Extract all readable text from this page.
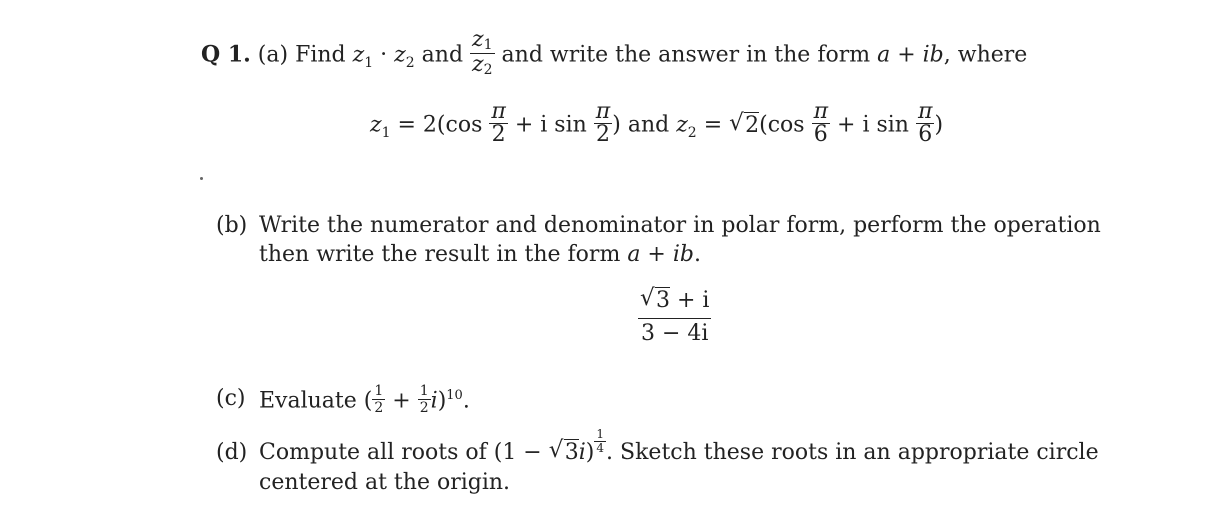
Q 1. (a) Find $z_1 \cdot z_2$ and $\frac{z1}{z2}$ and write the answer in the form a + ib, where
$z_1 = 2(\cos \frac{\pi}{2} + i$ $\sin \frac{\pi}{2}$ ) and $z_2$ = √ $2(\cos \frac{\pi}{6} + i$ $\sin \frac{\pi}{6}$ )
(b) Write the numerator and denominator in polar form, perform the operation
then write the result in the form a + ib.
$\frac{√ 3 + i}{3 - 4i}$
(c) Evaluate ( $\frac{1}{2} + \frac{1}{2} i)^{10}$.
(d) Compute all roots of (1 − √ $3i) \frac{1}{4}$ . Sketch these roots in an appropriate circle
centered at the origin.
